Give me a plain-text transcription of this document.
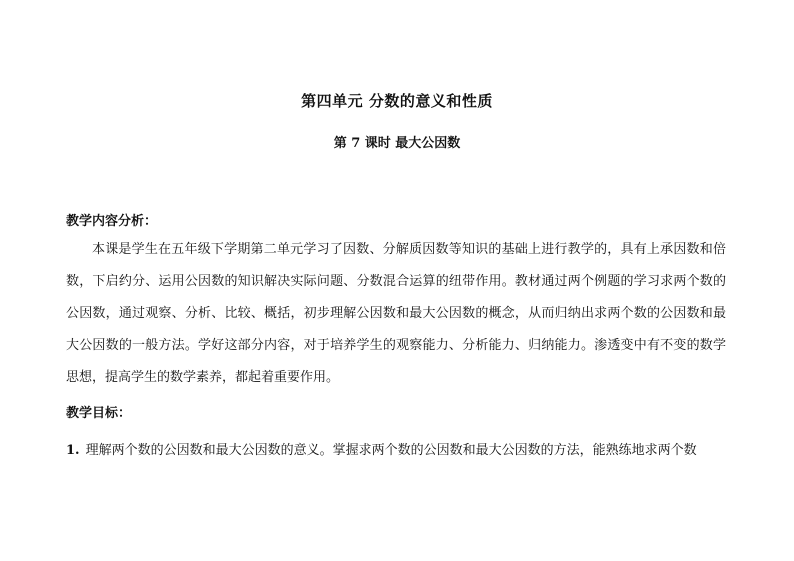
第四单元 分数的意义和性质
第 7 课时 最大公因数
教学内容分析：
本课是学生在五年级下学期第二单元学习了因数、分解质因数等知识的基础上进行教学的，具有上承因数和倍数，下启约分、运用公因数的知识解决实际问题、分数混合运算的纽带作用。教材通过两个例题的学习求两个数的公因数，通过观察、分析、比较、概括，初步理解公因数和最大公因数的概念，从而归纳出求两个数的公因数和最大公因数的一般方法。学好这部分内容，对于培养学生的观察能力、分析能力、归纳能力。渗透变中有不变的数学思想，提高学生的数学素养，都起着重要作用。
教学目标：
1. 理解两个数的公因数和最大公因数的意义。掌握求两个数的公因数和最大公因数的方法，能熟练地求两个数
